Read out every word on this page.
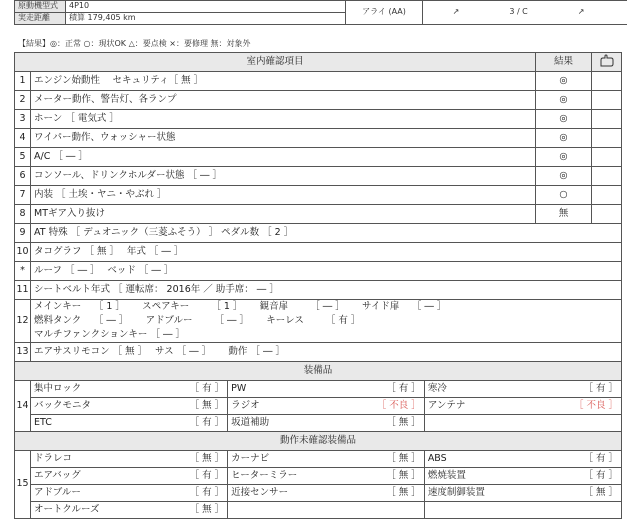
原動機型式	4P10		アライ (AA)	↗ 3 / C ↗
実走距離	積算 179,405 km			
【結果】◎：正常 ○：現状OK △：要点検 ×：要修理 無：対象外
室内確認項目	結果	
1	エンジン始動性　 セキュリティ［ 無 ］	◎	
2	メーター動作、警告灯、各ランプ	◎	
3	ホーン ［ 電気式 ］	◎	
4	ワイパー動作、ウォッシャー状態	◎	
5	A/C ［ ― ］	◎	
6	コンソール、ドリンクホルダー状態 ［ ― ］	◎	
7	内装 ［ 土埃・ヤニ・やぶれ ］	○	
8	MTギア入り抜け	無	
9	AT 特殊 ［ デュオニック（三菱ふそう） ］ ペダル数 ［ 2 ］
10	タコグラフ ［ 無 ］　 年式 ［ ― ］
*	ルーフ ［ ― ］　 ベッド ［ ― ］
11	シートベルト年式 ［ 運転席： 2016年 ／ 助手席： ― ］
12	
メインキー　 ［ 1 ］　　 スペアキー　　 ［ 1 ］　　 観音扉　　 ［ ― ］　　 サイド扉　 ［ ― ］
燃料タンク　 ［ ― ］　　 アドブルー　　 ［ ― ］　　 キーレス　　 ［ 有 ］
マルチファンクションキー ［ ― ］

13	エアサスリモコン ［ 無 ］　 サス ［ ― ］　　 動作 ［ ― ］
装備品
14	
集中ロック	［ 有 ］	PW	［ 有 ］	寒冷	［ 有 ］

バックモニタ	［ 無 ］	ラジオ	［ 不良 ］	アンテナ	［ 不良 ］

ETC	［ 有 ］	坂道補助	［ 無 ］

動作未確認装備品
15	
ドラレコ	［ 無 ］	カーナビ	［ 無 ］	ABS	［ 有 ］

エアバッグ	［ 有 ］	ヒーターミラー	［ 無 ］	燃焼装置	［ 有 ］

アドブルー	［ 有 ］	近接センサー	［ 無 ］	速度制御装置	［ 無 ］

オートクルーズ	［ 無 ］
